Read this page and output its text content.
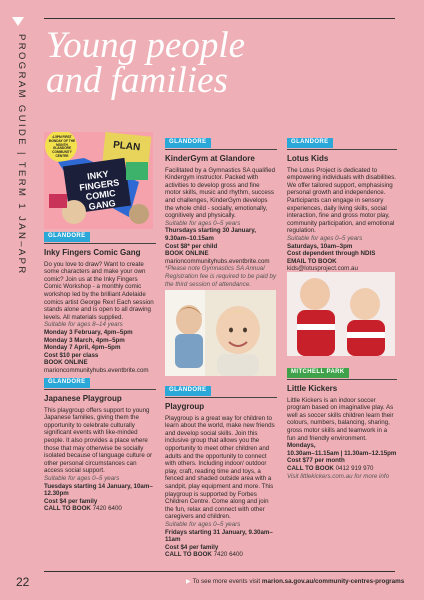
PROGRAM GUIDE | TERM 1 JAN–APR Young people
and families
4-5PM FIRST MONDAY OF THE MONTH GLANDORE COMMUNITY CENTRE
INKY FINGERS COMIC GANG
PLAN
GLANDORE
Inky Fingers Comic Gang

Do you love to draw? Want to create some characters and make your own comic? Join us at the Inky Fingers Comic Workshop - a monthly comic workshop led by the brilliant Adelaide comics artist George Rex! Each session stands alone and is open to all drawing levels. All materials supplied.

Suitable for ages 8–14 years

Monday 3 February, 4pm–5pm

Monday 3 March, 4pm–5pm

Monday 7 April, 4pm–5pm

Cost $10 per class

BOOK ONLINE

marioncommunityhubs.eventbrite.com

GLANDORE
Japanese Playgroup

This playgroup offers support to young Japanese families, giving them the opportunity to celebrate culturally significant events with like-minded people. It also provides a place where those that may otherwise be socially isolated because of language culture or other personal circumstances can access social support.

Suitable for ages 0–5 years

Tuesdays starting 14 January, 10am–12.30pm

Cost $4 per family

CALL TO BOOK 7420 6400

GLANDORE
KinderGym at Glandore

Facilitated by a Gymnastics SA qualified Kindergym instructor. Packed with activities to develop gross and fine motor skills, music and rhythm, success and challenges, KinderGym develops the whole child - socially, emotionally, cognitively and physically.

Suitable for ages 0–5 years

Thursdays starting 30 January, 9.30am–10.15am

Cost $8* per child

BOOK ONLINE

marioncommunityhubs.eventbrite.com

*Please note Gymnastics SA Annual Registration fee is required to be paid by the third session of attendance.

GLANDORE
Playgroup

Playgroup is a great way for children to learn about the world, make new friends and develop social skills. Join this inclusive group that allows you the opportunity to meet other children and adults and the opportunity to connect with others. Including indoor/ outdoor play, craft, reading time and toys, a fenced and shaded outside area with a sandpit, play equipment and more. This playgroup is supported by Forbes Children Centre. Come along and join the fun, relax and connect with other caregivers and children.

Suitable for ages 0–5 years

Fridays starting 31 January, 9.30am–11am

Cost $4 per family

CALL TO BOOK 7420 6400

GLANDORE
Lotus Kids

The Lotus Project is dedicated to empowering individuals with disabilities. We offer tailored support, emphasising personal growth and independence. Participants can engage in sensory experiences, daily living skills, social interaction, fine and gross motor play, community participation, and emotional regulation.

Suitable for ages 0–5 years

Saturdays, 10am–3pm

Cost dependent through NDIS

EMAIL TO BOOK

kids@lotusproject.com.au

MITCHELL PARK
Little Kickers

Little Kickers is an indoor soccer program based on imaginative play. As well as soccer skills children learn their colours, numbers, balancing, sharing, gross motor skills and teamwork in a fun and friendly environment.

Mondays,

10.30am–11.15am | 11.30am–12.15pm

Cost $77 per month

CALL TO BOOK 0412 919 970

Visit littlekickers.com.au for more info

22	▶ To see more events visit marion.sa.gov.au/community-centres-programs
